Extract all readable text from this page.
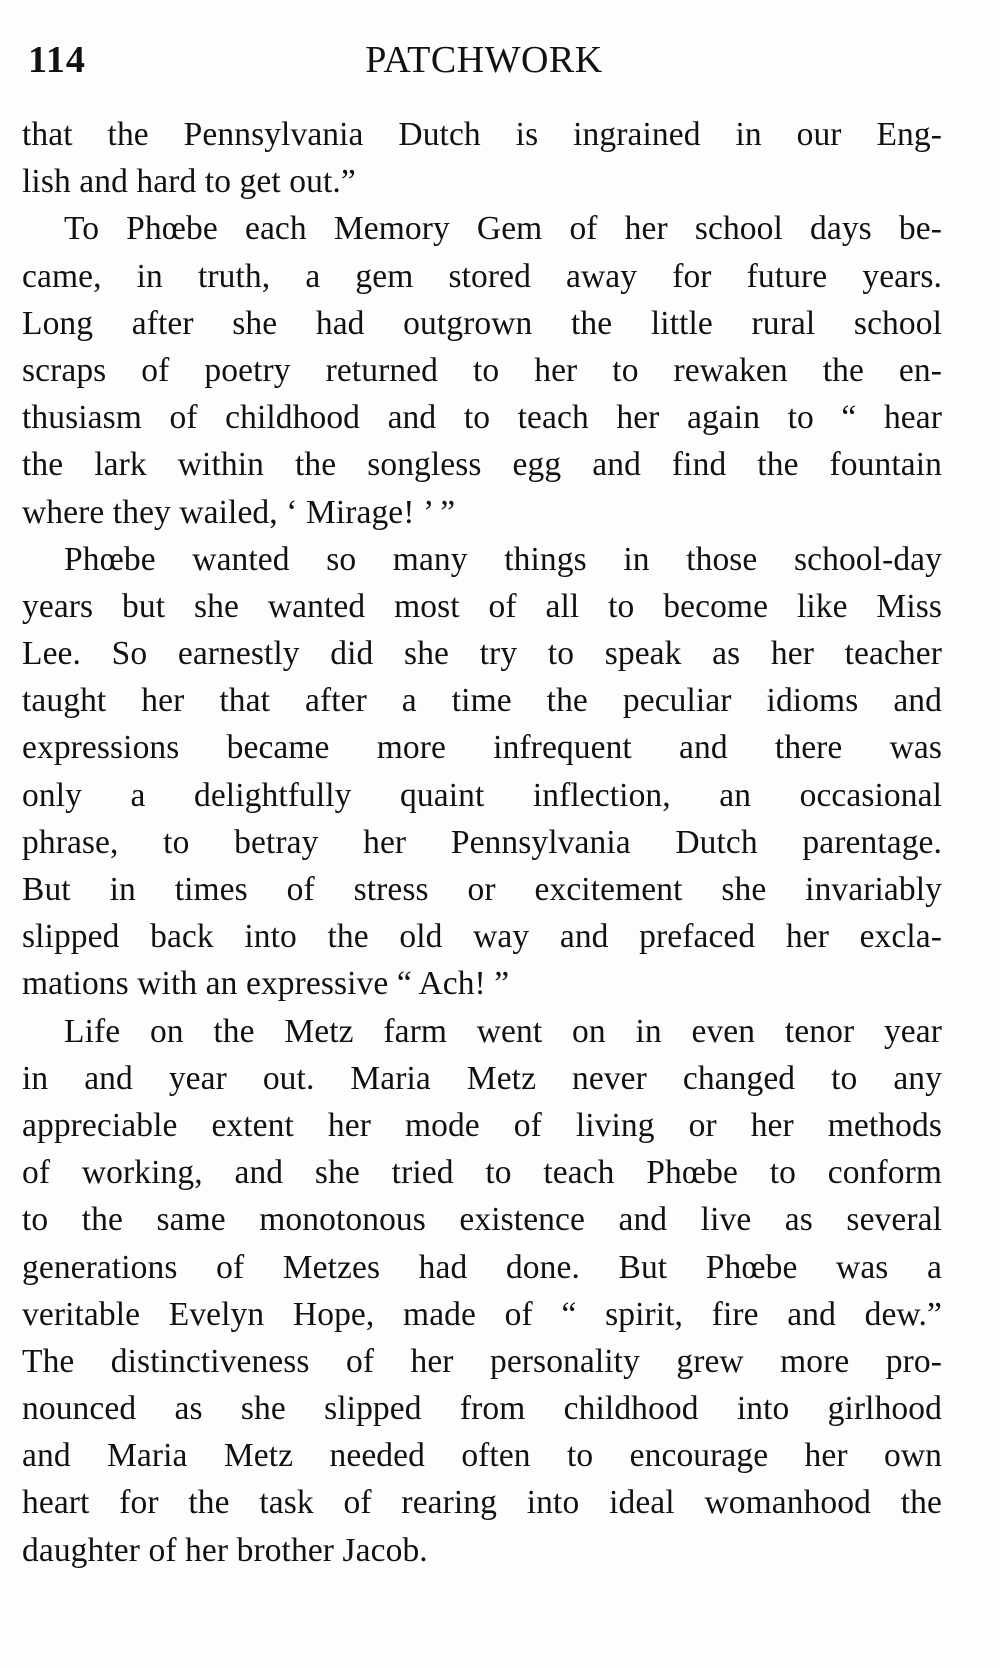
114	PATCHWORK
that the Pennsylvania Dutch is ingrained in our Eng-
lish and hard to get out.”
To Phœbe each Memory Gem of her school days be-
came, in truth, a gem stored away for future years.
Long after she had outgrown the little rural school
scraps of poetry returned to her to rewaken the en-
thusiasm of childhood and to teach her again to “ hear
the lark within the songless egg and find the fountain
where they wailed, ‘ Mirage! ’ ”
Phœbe wanted so many things in those school-day
years but she wanted most of all to become like Miss
Lee. So earnestly did she try to speak as her teacher
taught her that after a time the peculiar idioms and
expressions became more infrequent and there was
only a delightfully quaint inflection, an occasional
phrase, to betray her Pennsylvania Dutch parentage.
But in times of stress or excitement she invariably
slipped back into the old way and prefaced her excla-
mations with an expressive “ Ach! ”
Life on the Metz farm went on in even tenor year
in and year out. Maria Metz never changed to any
appreciable extent her mode of living or her methods
of working, and she tried to teach Phœbe to conform
to the same monotonous existence and live as several
generations of Metzes had done. But Phœbe was a
veritable Evelyn Hope, made of “ spirit, fire and dew.”
The distinctiveness of her personality grew more pro-
nounced as she slipped from childhood into girlhood
and Maria Metz needed often to encourage her own
heart for the task of rearing into ideal womanhood the
daughter of her brother Jacob.
